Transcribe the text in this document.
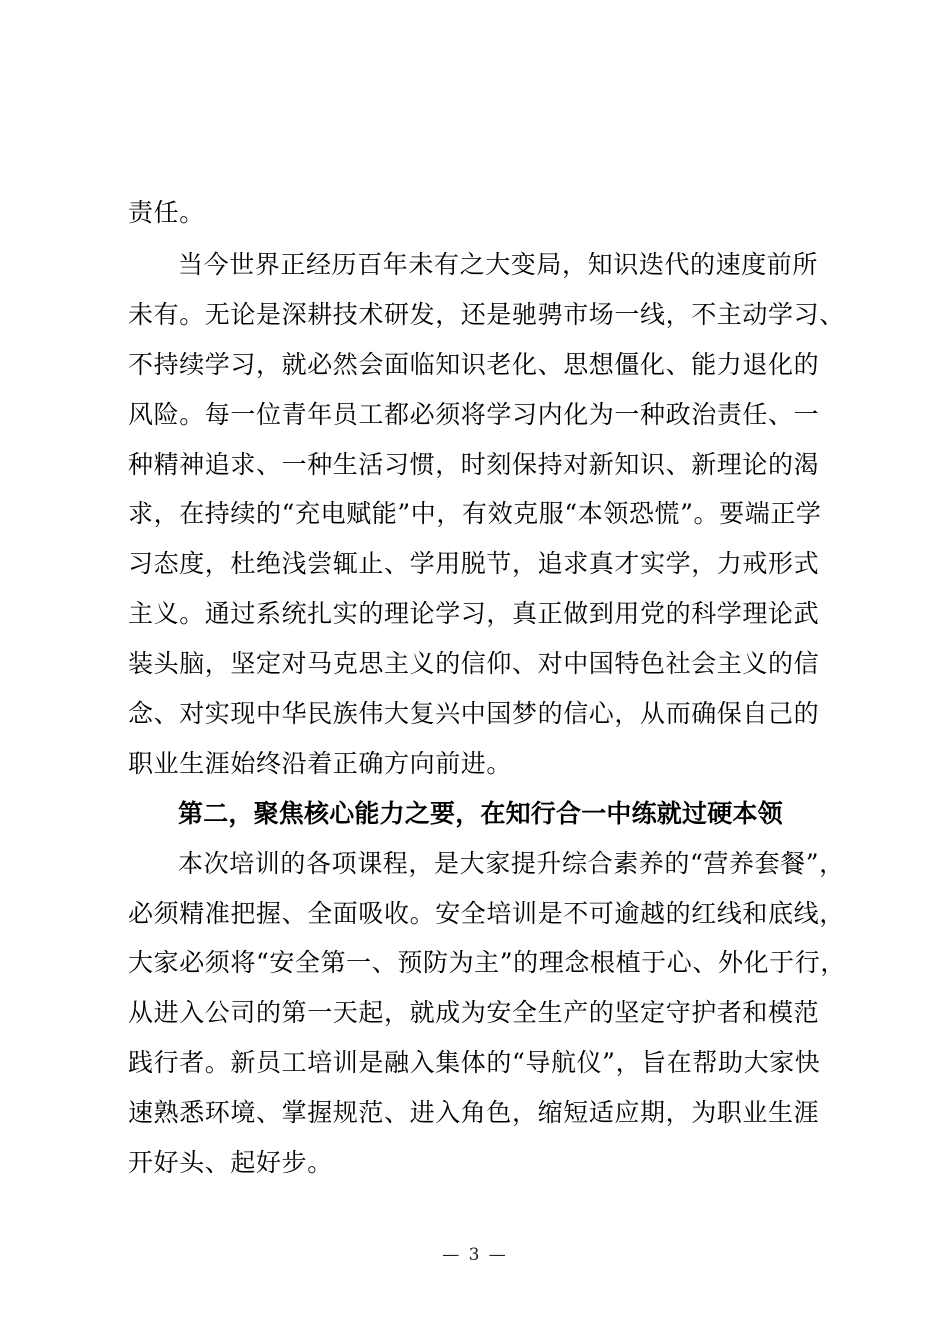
责任。
当今世界正经历百年未有之大变局，知识迭代的速度前所
未有。无论是深耕技术研发，还是驰骋市场一线，不主动学习、
不持续学习，就必然会面临知识老化、思想僵化、能力退化的
风险。每一位青年员工都必须将学习内化为一种政治责任、一
种精神追求、一种生活习惯，时刻保持对新知识、新理论的渴
求，在持续的“充电赋能”中，有效克服“本领恐慌”。要端正学
习态度，杜绝浅尝辄止、学用脱节，追求真才实学，力戒形式
主义。通过系统扎实的理论学习，真正做到用党的科学理论武
装头脑，坚定对马克思主义的信仰、对中国特色社会主义的信
念、对实现中华民族伟大复兴中国梦的信心，从而确保自己的
职业生涯始终沿着正确方向前进。
第二，聚焦核心能力之要，在知行合一中练就过硬本领
本次培训的各项课程，是大家提升综合素养的“营养套餐”，
必须精准把握、全面吸收。安全培训是不可逾越的红线和底线，
大家必须将“安全第一、预防为主”的理念根植于心、外化于行，
从进入公司的第一天起，就成为安全生产的坚定守护者和模范
践行者。新员工培训是融入集体的“导航仪”，旨在帮助大家快
速熟悉环境、掌握规范、进入角色，缩短适应期，为职业生涯
开好头、起好步。
— 3 —
